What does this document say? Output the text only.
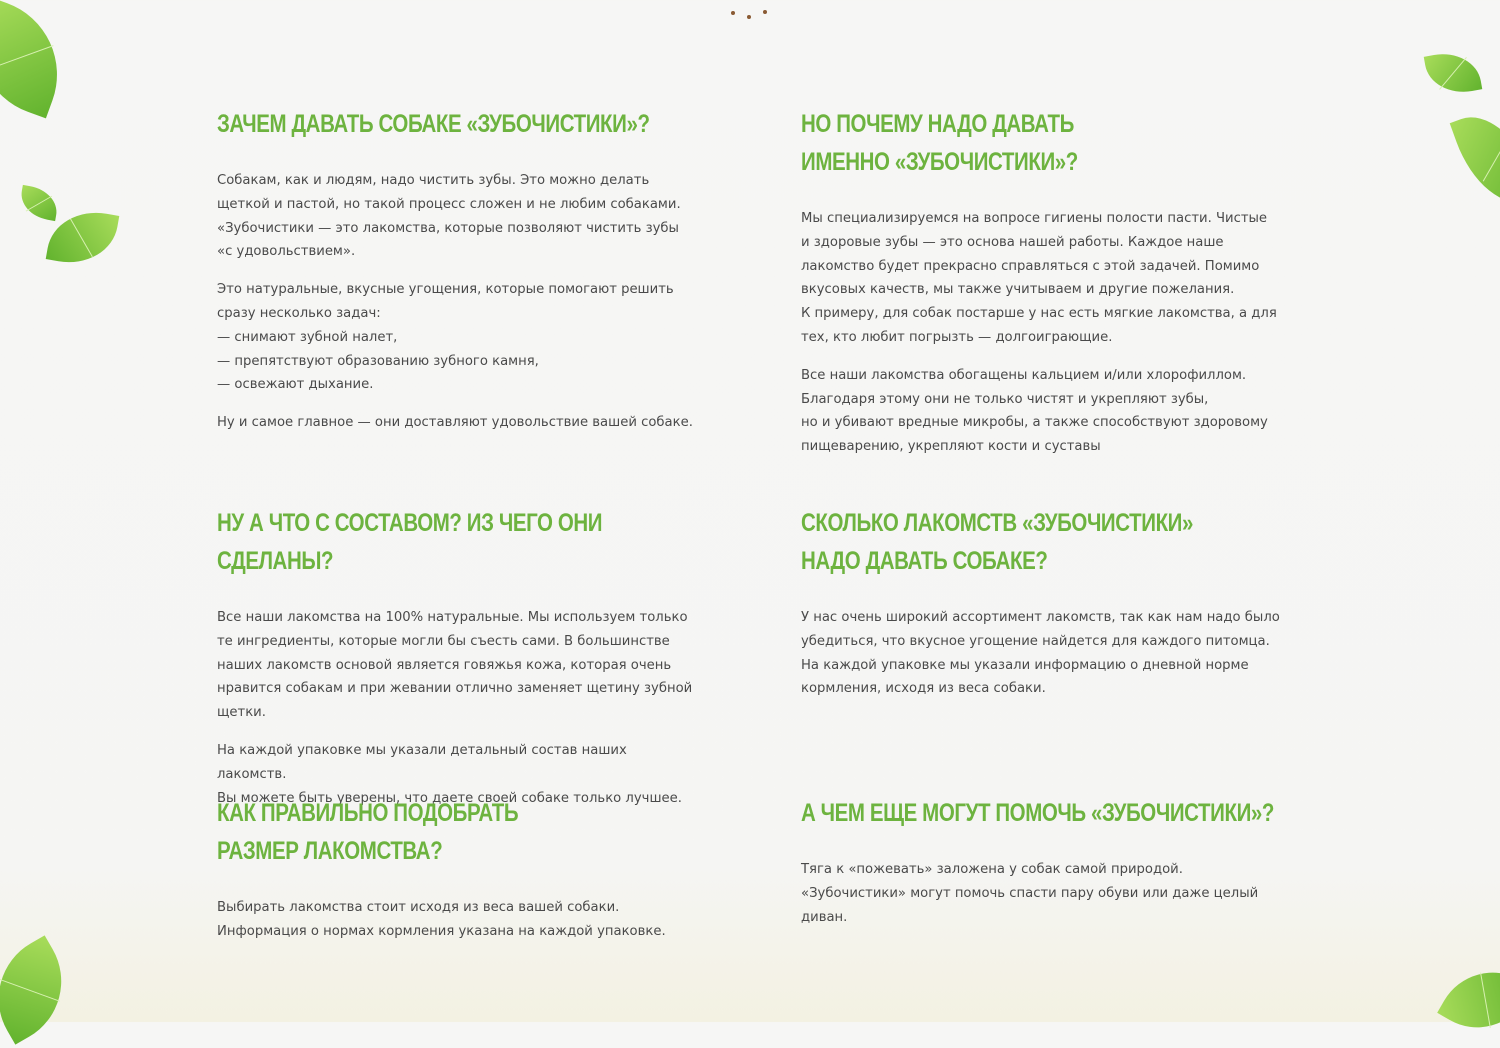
ЗАЧЕМ ДАВАТЬ СОБАКЕ «ЗУБОЧИСТИКИ»?

Собакам, как и людям, надо чистить зубы. Это можно делать
щеткой и пастой, но такой процесс сложен и не любим собаками.
«Зубочистики — это лакомства, которые позволяют чистить зубы
«с удовольствием».

Это натуральные, вкусные угощения, которые помогают решить
сразу несколько задач:
— снимают зубной налет,
— препятствуют образованию зубного камня,
— освежают дыхание.

Ну и самое главное — они доставляют удовольствие вашей собаке.

НО ПОЧЕМУ НАДО ДАВАТЬ ИМЕННО «ЗУБОЧИСТИКИ»?

Мы специализируемся на вопросе гигиены полости пасти. Чистые
и здоровые зубы — это основа нашей работы. Каждое наше
лакомство будет прекрасно справляться с этой задачей. Помимо
вкусовых качеств, мы также учитываем и другие пожелания.
К примеру, для собак постарше у нас есть мягкие лакомства, а для
тех, кто любит погрызть — долгоиграющие.

Все наши лакомства обогащены кальцием и/или хлорофиллом.
Благодаря этому они не только чистят и укрепляют зубы,
но и убивают вредные микробы, а также способствуют здоровому
пищеварению, укрепляют кости и суставы

НУ А ЧТО С СОСТАВОМ? ИЗ ЧЕГО ОНИ СДЕЛАНЫ?

Все наши лакомства на 100% натуральные. Мы используем только
те ингредиенты, которые могли бы съесть сами. В большинстве
наших лакомств основой является говяжья кожа, которая очень
нравится собакам и при жевании отлично заменяет щетину зубной
щетки.

На каждой упаковке мы указали детальный состав наших лакомств.
Вы можете быть уверены, что даете своей собаке только лучшее.

СКОЛЬКО ЛАКОМСТВ «ЗУБОЧИСТИКИ» НАДО ДАВАТЬ СОБАКЕ?

У нас очень широкий ассортимент лакомств, так как нам надо было
убедиться, что вкусное угощение найдется для каждого питомца.
На каждой упаковке мы указали информацию о дневной норме
кормления, исходя из веса собаки.

КАК ПРАВИЛЬНО ПОДОБРАТЬ РАЗМЕР ЛАКОМСТВА?

Выбирать лакомства стоит исходя из веса вашей собаки.
Информация о нормах кормления указана на каждой упаковке.

А ЧЕМ ЕЩЕ МОГУТ ПОМОЧЬ «ЗУБОЧИСТИКИ»?

Тяга к «пожевать» заложена у собак самой природой.
«Зубочистики» могут помочь спасти пару обуви или даже целый
диван.
